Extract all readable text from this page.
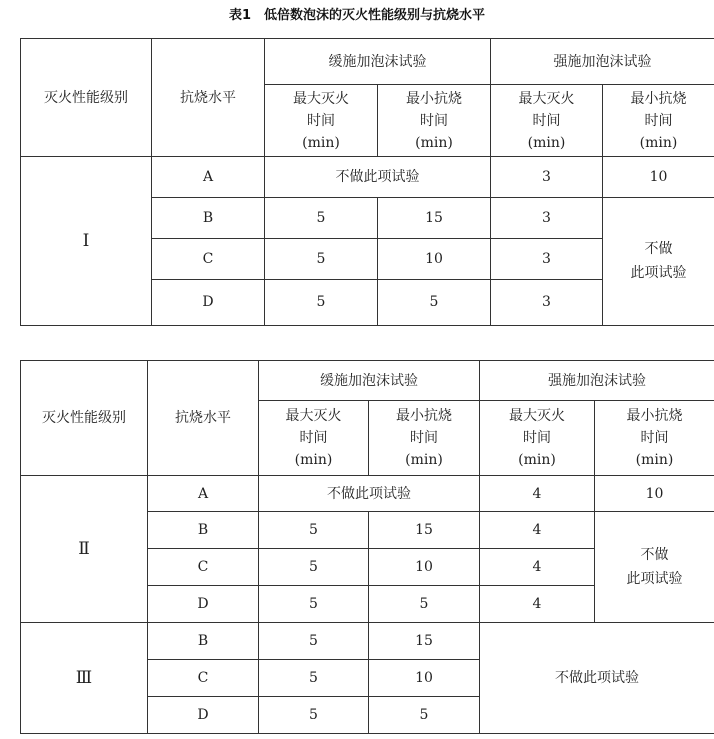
表1　低倍数泡沫的灭火性能级别与抗烧水平
灭火性能级别	抗烧水平	缓施加泡沫试验		强施加泡沫试验	

		最大灭火
时间
(min)	最小抗烧
时间
(min)	最大灭火
时间
(min)	最小抗烧
时间
(min)

Ⅰ	A	不做此项试验		3	10
	B	5	15	3	不做
此项试验

	C	5	10	3	
	D	5	5	3	
灭火性能级别	抗烧水平	缓施加泡沫试验		强施加泡沫试验	

		最大灭火
时间
(min)	最小抗烧
时间
(min)	最大灭火
时间
(min)	最小抗烧
时间
(min)

Ⅱ	A	不做此项试验		4	10
	B	5	15	4	不做
此项试验

	C	5	10	4	
	D	5	5	4	
Ⅲ	B	5	15	不做此项试验	
	C	5	10		
	D	5	5		
